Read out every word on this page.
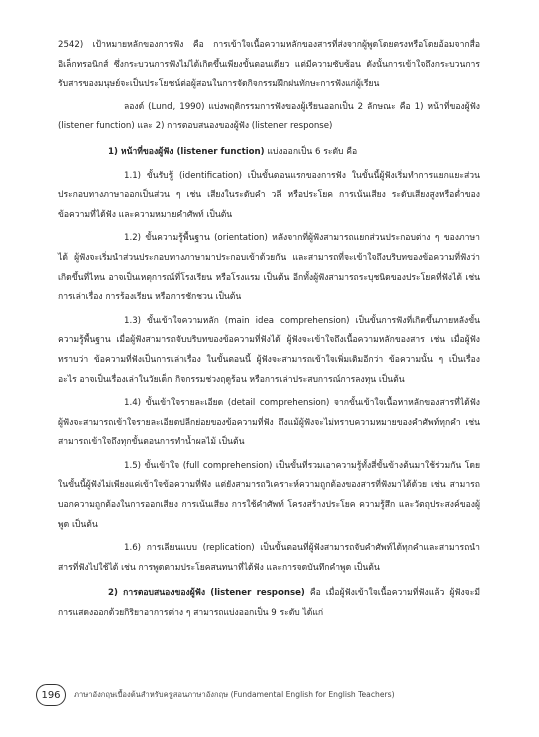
2542) เป้าหมายหลักของการฟัง คือ การเข้าใจเนื้อความหลักของสารที่ส่งจากผู้พูดโดยตรงหรือโดยอ้อมจากสื่ออิเล็กทรอนิกส์ ซึ่งกระบวนการฟังไม่ได้เกิดขึ้นเพียงขั้นตอนเดียว แต่มีความซับซ้อน ดังนั้นการเข้าใจถึงกระบวนการรับสารของมนุษย์จะเป็นประโยชน์ต่อผู้สอนในการจัดกิจกรรมฝึกฝนทักษะการฟังแก่ผู้เรียน

ลองด์ (Lund, 1990) แบ่งพฤติกรรมการฟังของผู้เรียนออกเป็น 2 ลักษณะ คือ 1) หน้าที่ของผู้ฟัง (listener function) และ 2) การตอบสนองของผู้ฟัง (listener response)

1) หน้าที่ของผู้ฟัง (listener function) แบ่งออกเป็น 6 ระดับ คือ

1.1) ขั้นรับรู้ (identification) เป็นขั้นตอนแรกของการฟัง ในขั้นนี้ผู้ฟังเริ่มทำการแยกแยะส่วนประกอบทางภาษาออกเป็นส่วน ๆ เช่น เสียงในระดับคำ วลี หรือประโยค การเน้นเสียง ระดับเสียงสูงหรือต่ำของข้อความที่ได้ฟัง และความหมายคำศัพท์ เป็นต้น

1.2) ขั้นความรู้พื้นฐาน (orientation) หลังจากที่ผู้ฟังสามารถแยกส่วนประกอบต่าง ๆ ของภาษาได้ ผู้ฟังจะเริ่มนำส่วนประกอบทางภาษามาประกอบเข้าด้วยกัน และสามารถที่จะเข้าใจถึงบริบทของข้อความที่ฟังว่าเกิดขึ้นที่ไหน อาจเป็นเหตุการณ์ที่โรงเรียน หรือโรงแรม เป็นต้น อีกทั้งผู้ฟังสามารถระบุชนิดของประโยคที่ฟังได้ เช่น การเล่าเรื่อง การร้องเรียน หรือการชักชวน เป็นต้น

1.3) ขั้นเข้าใจความหลัก (main idea comprehension) เป็นขั้นการฟังที่เกิดขึ้นภายหลังขั้นความรู้พื้นฐาน เมื่อผู้ฟังสามารถจับบริบทของข้อความที่ฟังได้ ผู้ฟังจะเข้าใจถึงเนื้อความหลักของสาร เช่น เมื่อผู้ฟังทราบว่า ข้อความที่ฟังเป็นการเล่าเรื่อง ในขั้นตอนนี้ ผู้ฟังจะสามารถเข้าใจเพิ่มเติมอีกว่า ข้อความนั้น ๆ เป็นเรื่องอะไร อาจเป็นเรื่องเล่าในวัยเด็ก กิจกรรมช่วงฤดูร้อน หรือการเล่าประสบการณ์การลงทุน เป็นต้น

1.4) ขั้นเข้าใจรายละเอียด (detail comprehension) จากขั้นเข้าใจเนื้อหาหลักของสารที่ได้ฟัง ผู้ฟังจะสามารถเข้าใจรายละเอียดปลีกย่อยของข้อความที่ฟัง ถึงแม้ผู้ฟังจะไม่ทราบความหมายของคำศัพท์ทุกคำ เช่น สามารถเข้าใจถึงทุกขั้นตอนการทำน้ำผลไม้ เป็นต้น

1.5) ขั้นเข้าใจ (full comprehension) เป็นขั้นที่รวมเอาความรู้ทั้งสี่ขั้นข้างต้นมาใช้ร่วมกัน โดยในขั้นนี้ผู้ฟังไม่เพียงแค่เข้าใจข้อความที่ฟัง แต่ยังสามารถวิเคราะห์ความถูกต้องของสารที่ฟังมาได้ด้วย เช่น สามารถบอกความถูกต้องในการออกเสียง การเน้นเสียง การใช้คำศัพท์ โครงสร้างประโยค ความรู้สึก และวัตถุประสงค์ของผู้พูด เป็นต้น

1.6) การเลียนแบบ (replication) เป็นขั้นตอนที่ผู้ฟังสามารถจับคำศัพท์ได้ทุกคำและสามารถนำสารที่ฟังไปใช้ได้ เช่น การพูดตามประโยคสนทนาที่ได้ฟัง และการจดบันทึกคำพูด เป็นต้น

2) การตอบสนองของผู้ฟัง (listener response) คือ เมื่อผู้ฟังเข้าใจเนื้อความที่ฟังแล้ว ผู้ฟังจะมีการแสดงออกด้วยกิริยาอาการต่าง ๆ สามารถแบ่งออกเป็น 9 ระดับ ได้แก่

196 ภาษาอังกฤษเบื้องต้นสำหรับครูสอนภาษาอังกฤษ (Fundamental English for English Teachers)
